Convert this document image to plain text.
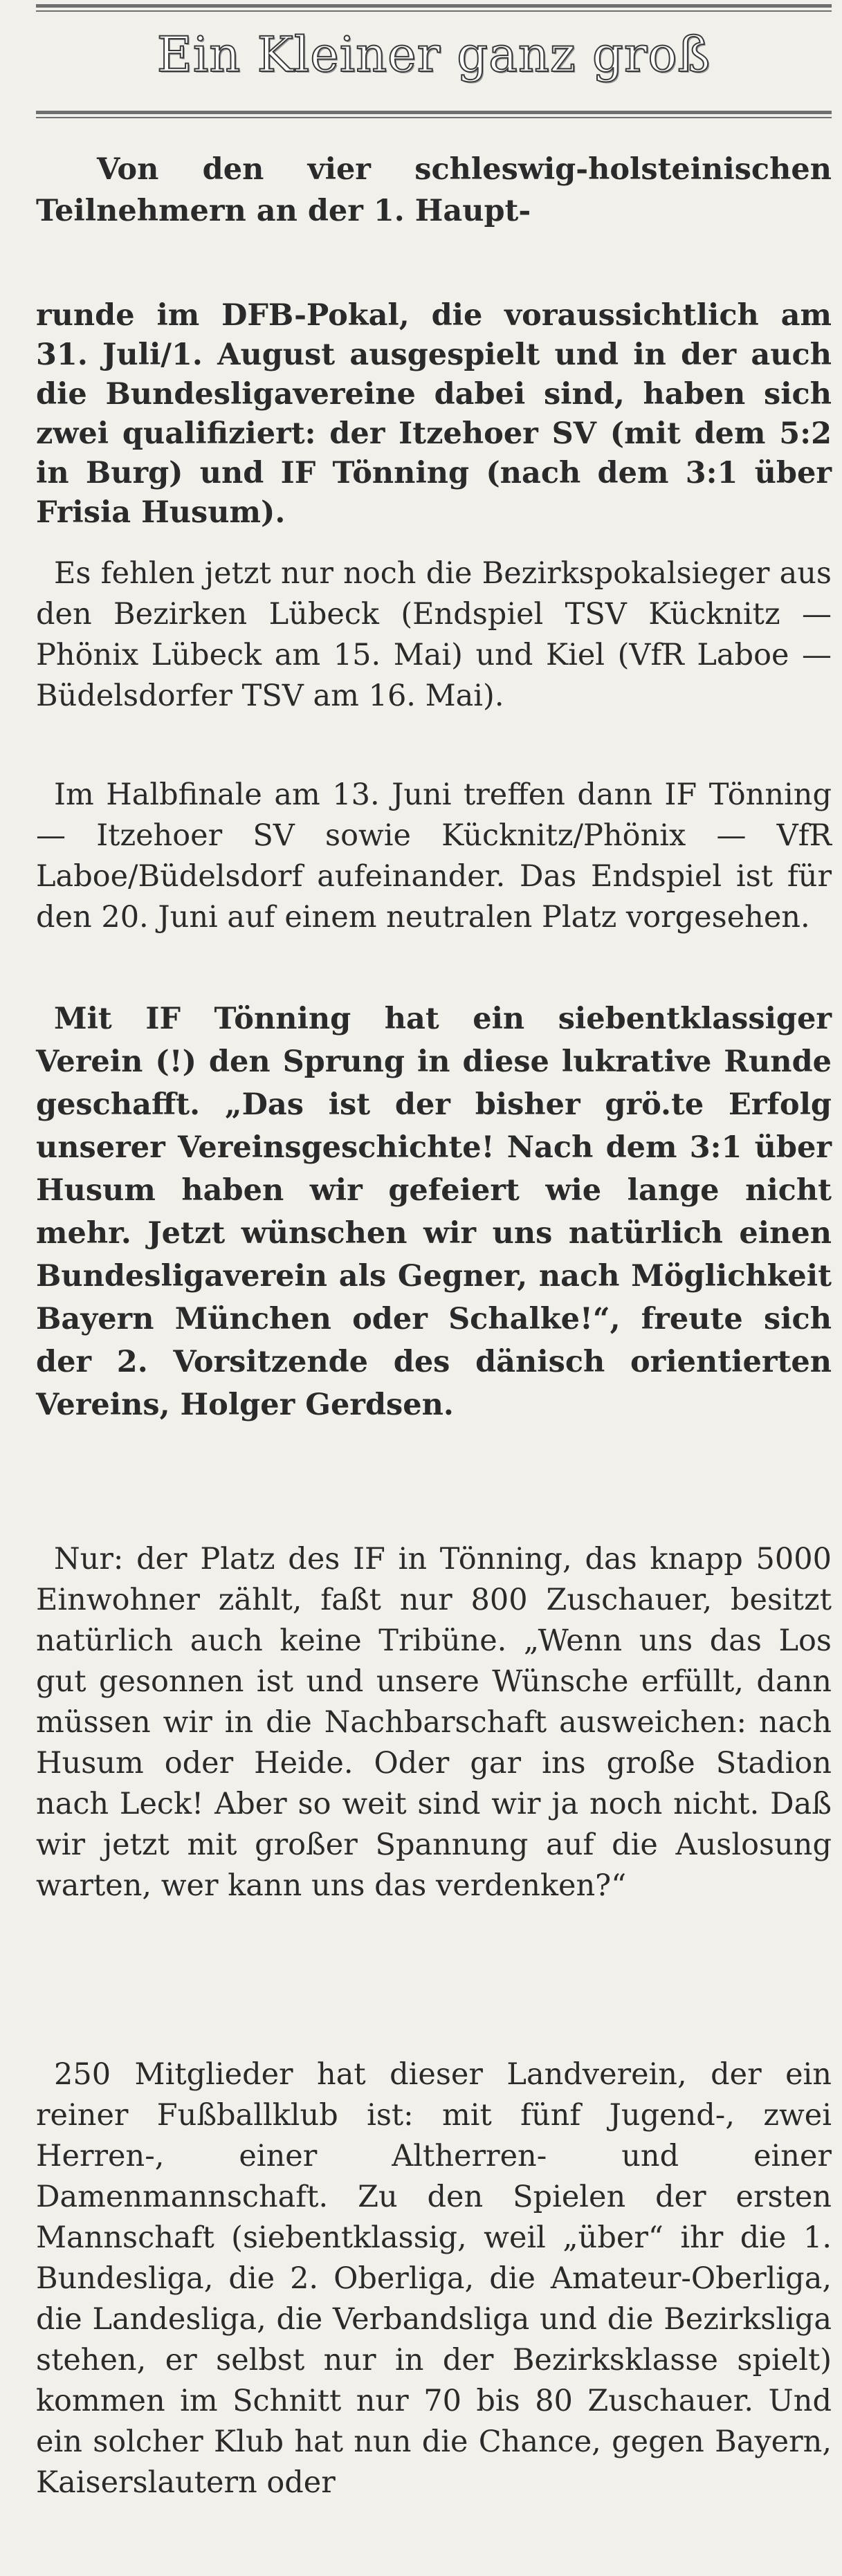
Ein Kleiner ganz groß

Von den vier schleswig-holsteinischen Teilnehmern an der 1. Haupt-

runde im DFB-Pokal, die voraussichtlich am 31. Juli/1. August ausgespielt und in der auch die Bundesligavereine dabei sind, haben sich zwei qualifiziert: der Itzehoer SV (mit dem 5:2 in Burg) und IF Tönning (nach dem 3:1 über Frisia Husum).

Es fehlen jetzt nur noch die Bezirkspokalsieger aus den Bezirken Lübeck (Endspiel TSV Kücknitz — Phönix Lübeck am 15. Mai) und Kiel (VfR Laboe — Büdelsdorfer TSV am 16. Mai).

Im Halbfinale am 13. Juni treffen dann IF Tönning — Itzehoer SV sowie Kücknitz/Phönix — VfR Laboe/Büdelsdorf aufeinander. Das Endspiel ist für den 20. Juni auf einem neutralen Platz vorgesehen.

Mit IF Tönning hat ein siebentklassiger Verein (!) den Sprung in diese lukrative Runde geschafft. „Das ist der bisher grö.te Erfolg unserer Vereinsgeschichte! Nach dem 3:1 über Husum haben wir gefeiert wie lange nicht mehr. Jetzt wünschen wir uns natürlich einen Bundesligaverein als Gegner, nach Möglichkeit Bayern München oder Schalke!“, freute sich der 2. Vorsitzende des dänisch orientierten Vereins, Holger Gerdsen.

Nur: der Platz des IF in Tönning, das knapp 5000 Einwohner zählt, faßt nur 800 Zuschauer, besitzt natürlich auch keine Tribüne. „Wenn uns das Los gut gesonnen ist und unsere Wünsche erfüllt, dann müssen wir in die Nachbarschaft ausweichen: nach Husum oder Heide. Oder gar ins große Stadion nach Leck! Aber so weit sind wir ja noch nicht. Daß wir jetzt mit großer Spannung auf die Auslosung warten, wer kann uns das verdenken?“

250 Mitglieder hat dieser Landverein, der ein reiner Fußballklub ist: mit fünf Jugend-, zwei Herren-, einer Altherren- und einer Damenmannschaft. Zu den Spielen der ersten Mannschaft (siebentklassig, weil „über“ ihr die 1. Bundesliga, die 2. Oberliga, die Amateur-Oberliga, die Landesliga, die Verbandsliga und die Bezirksliga stehen, er selbst nur in der Bezirksklasse spielt) kommen im Schnitt nur 70 bis 80 Zuschauer. Und ein solcher Klub hat nun die Chance, gegen Bayern, Kaiserslautern oder
